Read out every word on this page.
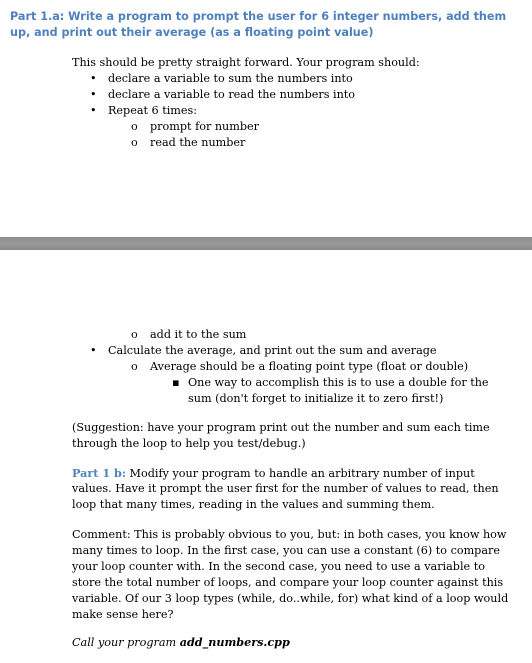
Part 1.a: Write a program to prompt the user for 6 integer numbers, add them
up, and print out their average (as a floating point value)
This should be pretty straight forward. Your program should:
• declare a variable to sum the numbers into
• declare a variable to read the numbers into
• Repeat 6 times:
o prompt for number
o read the number
o add it to the sum
• Calculate the average, and print out the sum and average
o Average should be a floating point type (float or double)
▪ One way to accomplish this is to use a double for the
sum (don't forget to initialize it to zero first!)
(Suggestion: have your program print out the number and sum each time
through the loop to help you test/debug.)
Part 1 b: Modify your program to handle an arbitrary number of input
values. Have it prompt the user first for the number of values to read, then
loop that many times, reading in the values and summing them.
Comment: This is probably obvious to you, but: in both cases, you know how
many times to loop. In the first case, you can use a constant (6) to compare
your loop counter with. In the second case, you need to use a variable to
store the total number of loops, and compare your loop counter against this
variable. Of our 3 loop types (while, do..while, for) what kind of a loop would
make sense here?
Call your program add_numbers.cpp
